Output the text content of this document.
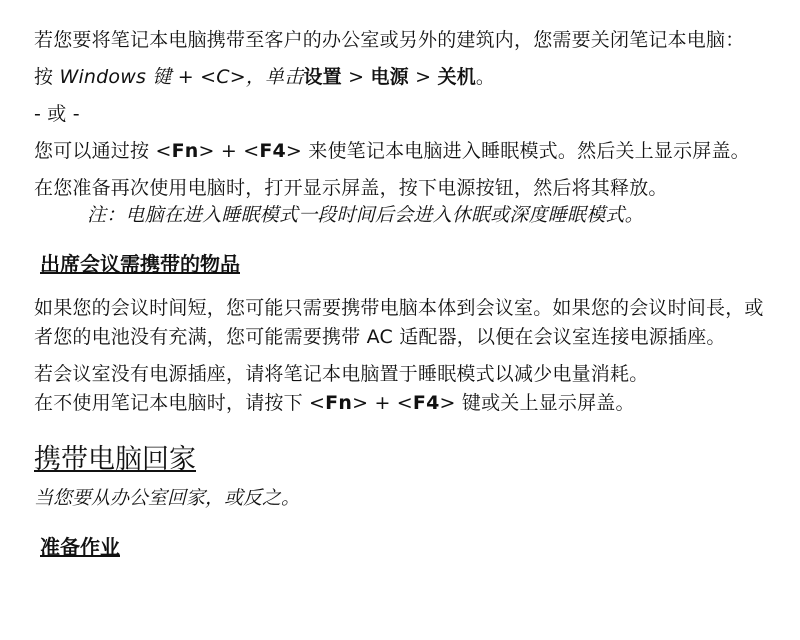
若您要将笔记本电脑携带至客户的办公室或另外的建筑内，您需要关闭笔记本电脑：

按 Windows 键 + <C>，单击设置 > 电源 > 关机。

- 或 -

您可以通过按 <Fn> + <F4> 来使笔记本电脑进入睡眠模式。然后关上显示屏盖。

在您准备再次使用电脑时，打开显示屏盖，按下电源按钮，然后将其释放。

注：电脑在进入睡眠模式一段时间后会进入休眠或深度睡眠模式。

出席会议需携带的物品

如果您的会议时间短，您可能只需要携带电脑本体到会议室。如果您的会议时间長，或者您的电池没有充满，您可能需要携带 AC 适配器，以便在会议室连接电源插座。

若会议室没有电源插座，请将笔记本电脑置于睡眠模式以减少电量消耗。

在不使用笔记本电脑时，请按下 <Fn> + <F4> 键或关上显示屏盖。

携带电脑回家

当您要从办公室回家，或反之。

准备作业
